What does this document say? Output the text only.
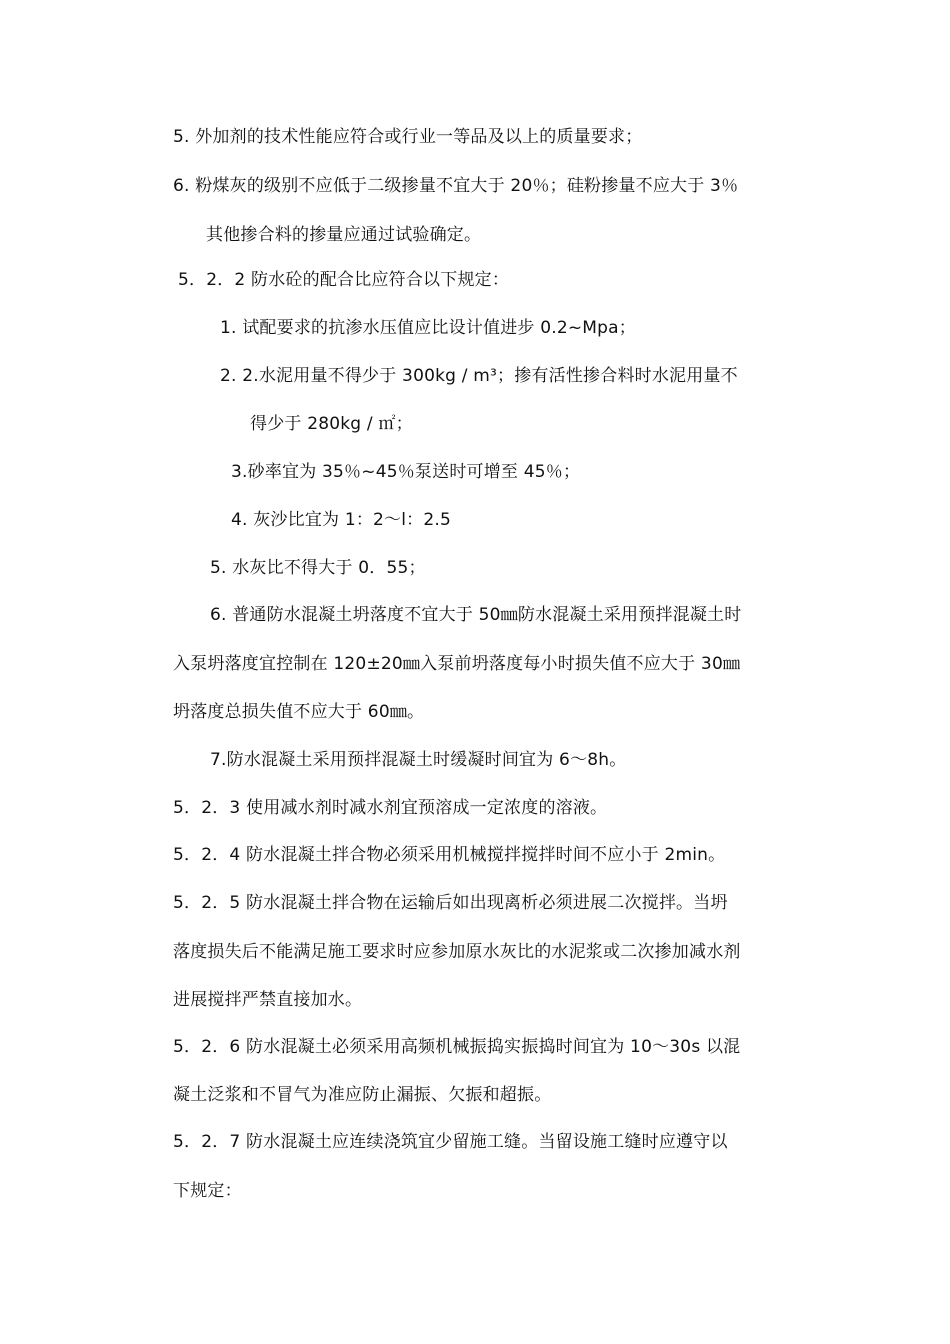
5. 外加剂的技术性能应符合或行业一等品及以上的质量要求；
6. 粉煤灰的级别不应低于二级掺量不宜大于 20％；硅粉掺量不应大于 3％
其他掺合料的掺量应通过试验确定。
5．2．2 防水砼的配合比应符合以下规定：
1. 试配要求的抗渗水压值应比设计值进步 0.2~Mpa；
2. 2.水泥用量不得少于 300kg / m³；掺有活性掺合料时水泥用量不
得少于 280kg / ㎡；
3.砂率宜为 35％~45％泵送时可增至 45％；
4. 灰沙比宜为 1：2～l：2.5
5. 水灰比不得大于 0．55；
6. 普通防水混凝土坍落度不宜大于 50㎜防水混凝土采用预拌混凝土时
入泵坍落度宜控制在 120±20㎜入泵前坍落度每小时损失值不应大于 30㎜
坍落度总损失值不应大于 60㎜。
7.防水混凝土采用预拌混凝土时缓凝时间宜为 6～8h。
5．2．3 使用减水剂时减水剂宜预溶成一定浓度的溶液。
5．2．4 防水混凝土拌合物必须采用机械搅拌搅拌时间不应小于 2min。
5．2．5 防水混凝土拌合物在运输后如出现离析必须进展二次搅拌。当坍
落度损失后不能满足施工要求时应参加原水灰比的水泥浆或二次掺加减水剂
进展搅拌严禁直接加水。
5．2．6 防水混凝土必须采用高频机械振捣实振捣时间宜为 10～30s 以混
凝土泛浆和不冒气为准应防止漏振、欠振和超振。
5．2．7 防水混凝土应连续浇筑宜少留施工缝。当留设施工缝时应遵守以
下规定：
